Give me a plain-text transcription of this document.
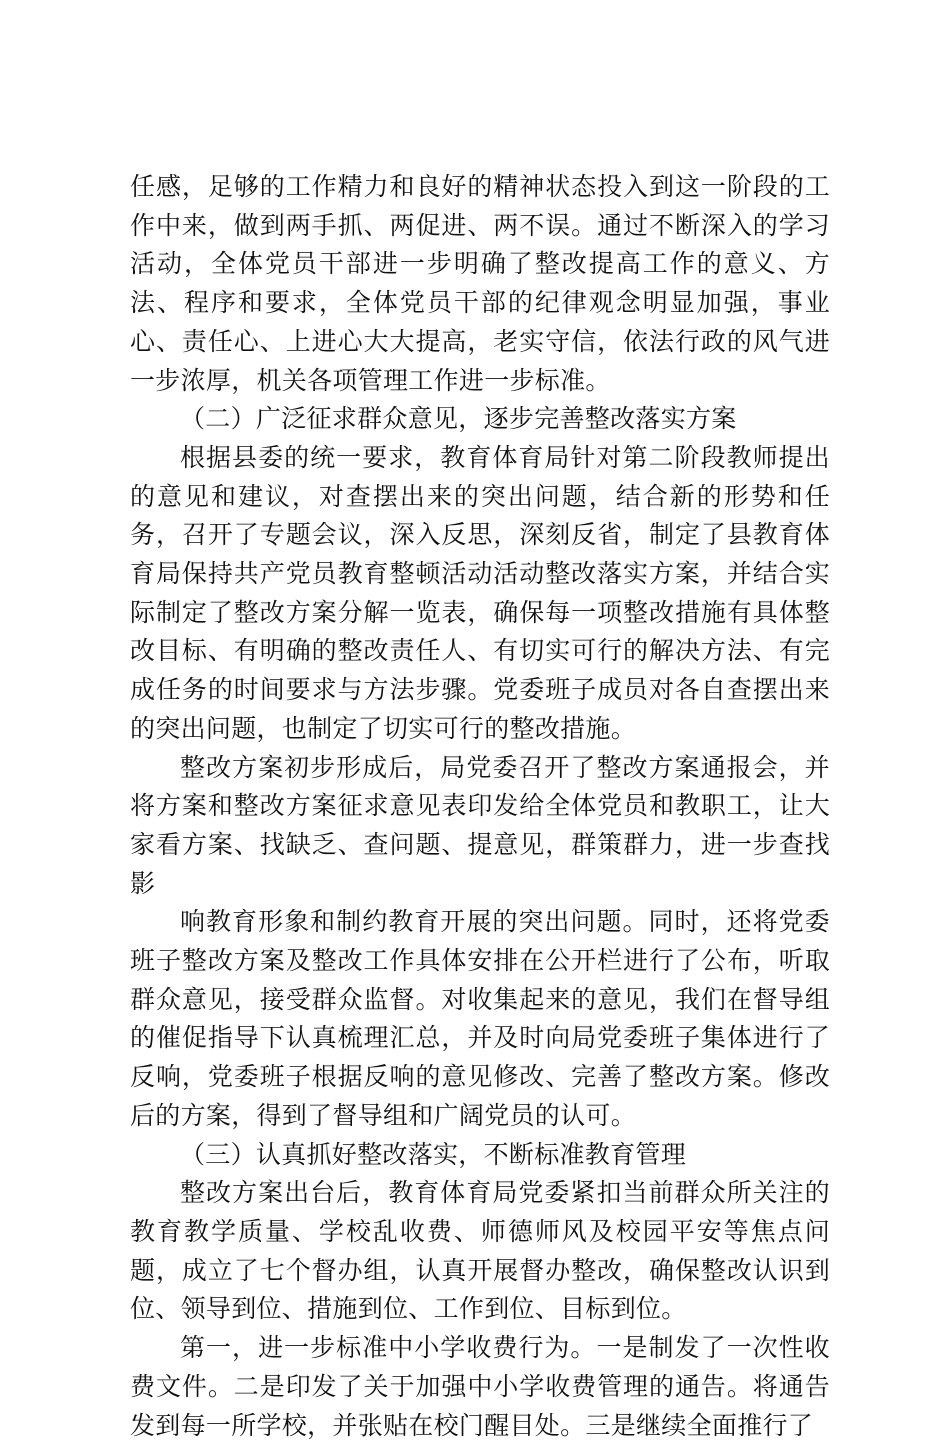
任感，足够的工作精力和良好的精神状态投入到这一阶段的工作中来，做到两手抓、两促进、两不误。通过不断深入的学习活动，全体党员干部进一步明确了整改提高工作的意义、方法、程序和要求，全体党员干部的纪律观念明显加强，事业心、责任心、上进心大大提高，老实守信，依法行政的风气进一步浓厚，机关各项管理工作进一步标准。

（二）广泛征求群众意见，逐步完善整改落实方案

根据县委的统一要求，教育体育局针对第二阶段教师提出的意见和建议，对查摆出来的突出问题，结合新的形势和任务，召开了专题会议，深入反思，深刻反省，制定了县教育体育局保持共产党员教育整顿活动活动整改落实方案，并结合实际制定了整改方案分解一览表，确保每一项整改措施有具体整改目标、有明确的整改责任人、有切实可行的解决方法、有完成任务的时间要求与方法步骤。党委班子成员对各自查摆出来的突出问题，也制定了切实可行的整改措施。

整改方案初步形成后，局党委召开了整改方案通报会，并将方案和整改方案征求意见表印发给全体党员和教职工，让大家看方案、找缺乏、查问题、提意见，群策群力，进一步查找影

响教育形象和制约教育开展的突出问题。同时，还将党委班子整改方案及整改工作具体安排在公开栏进行了公布，听取群众意见，接受群众监督。对收集起来的意见，我们在督导组的催促指导下认真梳理汇总，并及时向局党委班子集体进行了反响，党委班子根据反响的意见修改、完善了整改方案。修改后的方案，得到了督导组和广阔党员的认可。

（三）认真抓好整改落实，不断标准教育管理

整改方案出台后，教育体育局党委紧扣当前群众所关注的教育教学质量、学校乱收费、师德师风及校园平安等焦点问题，成立了七个督办组，认真开展督办整改，确保整改认识到位、领导到位、措施到位、工作到位、目标到位。

第一，进一步标准中小学收费行为。一是制发了一次性收费文件。二是印发了关于加强中小学收费管理的通告。将通告发到每一所学校，并张贴在校门醒目处。三是继续全面推行了
